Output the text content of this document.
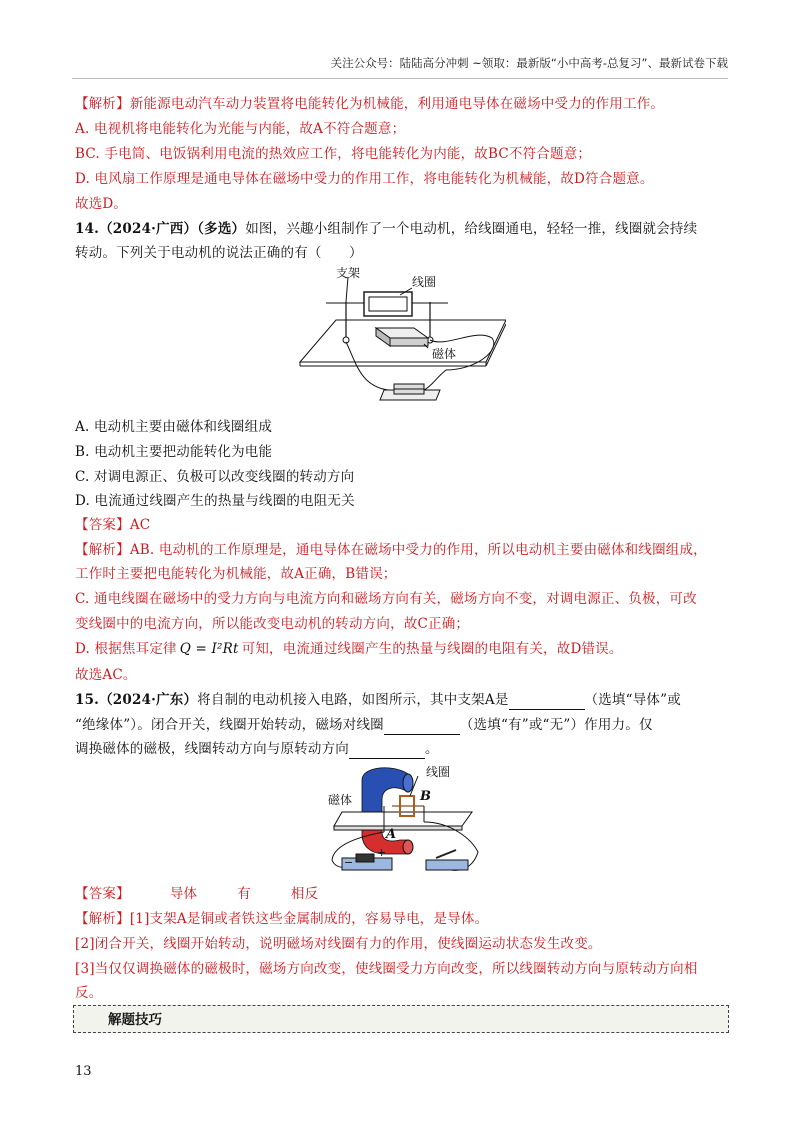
关注公众号：陆陆高分冲刺 ~领取：最新版“小中高考-总复习”、最新试卷下载
【解析】新能源电动汽车动力装置将电能转化为机械能，利用通电导体在磁场中受力的作用工作。
A. 电视机将电能转化为光能与内能，故A不符合题意；
BC. 手电筒、电饭锅利用电流的热效应工作，将电能转化为内能，故BC不符合题意；
D. 电风扇工作原理是通电导体在磁场中受力的作用工作，将电能转化为机械能，故D符合题意。
故选D。
14.（2024·广西）（多选）如图，兴趣小组制作了一个电动机，给线圈通电，轻轻一推，线圈就会持续
转动。下列关于电动机的说法正确的有（　　）
支架
线圈
磁体
A. 电动机主要由磁体和线圈组成
B. 电动机主要把动能转化为电能
C. 对调电源正、负极可以改变线圈的转动方向
D. 电流通过线圈产生的热量与线圈的电阻无关
【答案】AC
【解析】AB. 电动机的工作原理是，通电导体在磁场中受力的作用，所以电动机主要由磁体和线圈组成，
工作时主要把电能转化为机械能，故A正确，B错误；
C. 通电线圈在磁场中的受力方向与电流方向和磁场方向有关，磁场方向不变，对调电源正、负极，可改
变线圈中的电流方向，所以能改变电动机的转动方向，故C正确；
D. 根据焦耳定律 Q = I²Rt 可知，电流通过线圈产生的热量与线圈的电阻有关，故D错误。
故选AC。
15.（2024·广东）将自制的电动机接入电路，如图所示，其中支架A是	（选填“导体”或
“绝缘体”）。闭合开关，线圈开始转动，磁场对线圈	（选填“有”或“无”）作用力。仅
调换磁体的磁极，线圈转动方向与原转动方向	。
线圈
磁体	B
A
+
−
【答案】	导体	有	相反
【解析】[1]支架A是铜或者铁这些金属制成的，容易导电，是导体。
[2]闭合开关，线圈开始转动，说明磁场对线圈有力的作用，使线圈运动状态发生改变。
[3]当仅仅调换磁体的磁极时，磁场方向改变，使线圈受力方向改变，所以线圈转动方向与原转动方向相
反。
解题技巧
13
